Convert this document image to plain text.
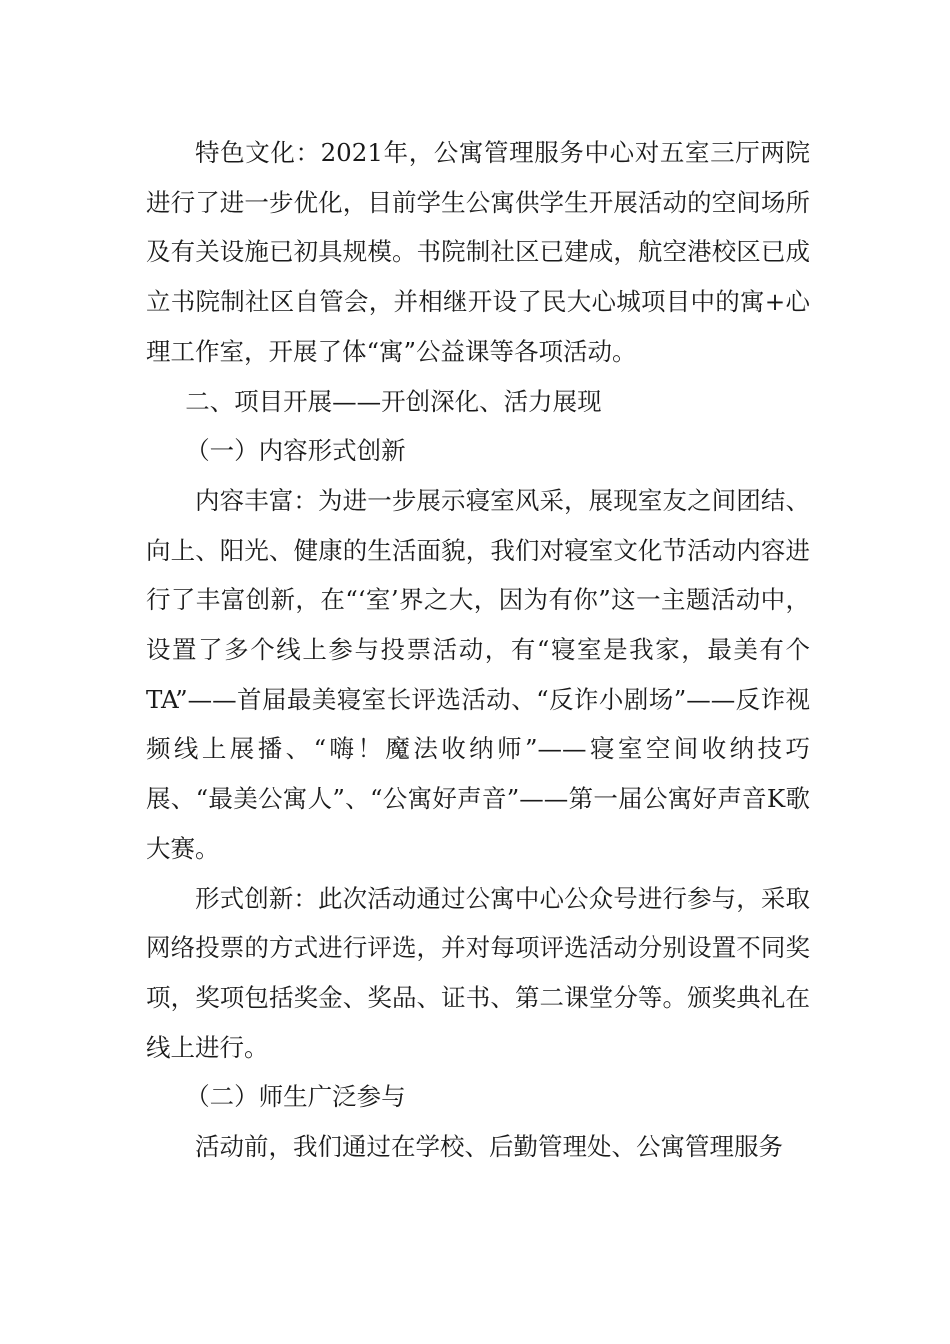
特色文化：2021年，公寓管理服务中心对五室三厅两院进行了进一步优化，目前学生公寓供学生开展活动的空间场所及有关设施已初具规模。书院制社区已建成，航空港校区已成立书院制社区自管会，并相继开设了民大心城项目中的寓+心理工作室，开展了体“寓”公益课等各项活动。

二、项目开展——开创深化、活力展现

（一）内容形式创新

内容丰富：为进一步展示寝室风采，展现室友之间团结、向上、阳光、健康的生活面貌，我们对寝室文化节活动内容进行了丰富创新，在“‘室’界之大，因为有你”这一主题活动中，设置了多个线上参与投票活动，有“寝室是我家，最美有个TA”——首届最美寝室长评选活动、“反诈小剧场”——反诈视频线上展播、“嗨！魔法收纳师”——寝室空间收纳技巧展、“最美公寓人”、“公寓好声音”——第一届公寓好声音K歌大赛。

形式创新：此次活动通过公寓中心公众号进行参与，采取网络投票的方式进行评选，并对每项评选活动分别设置不同奖项，奖项包括奖金、奖品、证书、第二课堂分等。颁奖典礼在线上进行。

（二）师生广泛参与

活动前，我们通过在学校、后勤管理处、公寓管理服务
